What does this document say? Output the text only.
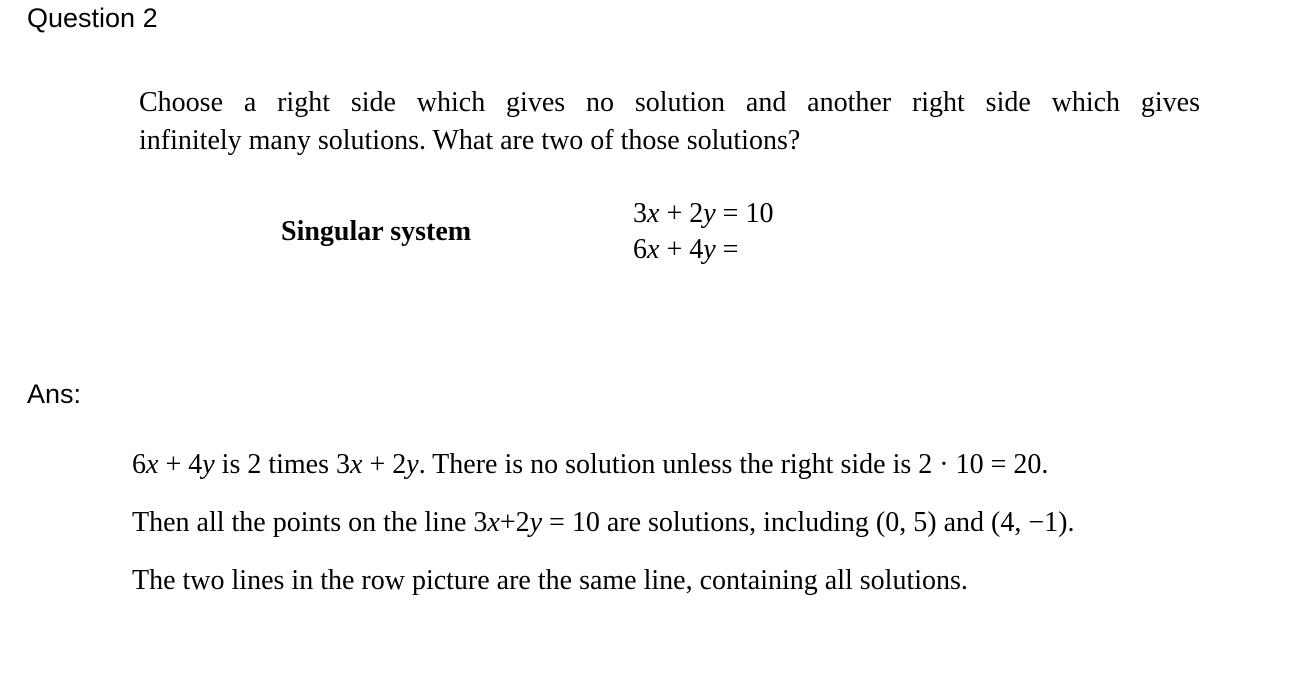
Question 2
Choose a right side which gives no solution and another right side which gives
infinitely many solutions. What are two of those solutions?
Singular system
3x + 2y = 10
6x + 4y =
Ans:
6x + 4y is 2 times 3x + 2y. There is no solution unless the right side is 2 · 10 = 20.
Then all the points on the line 3x+2y = 10 are solutions, including (0, 5) and (4, −1).
The two lines in the row picture are the same line, containing all solutions.
